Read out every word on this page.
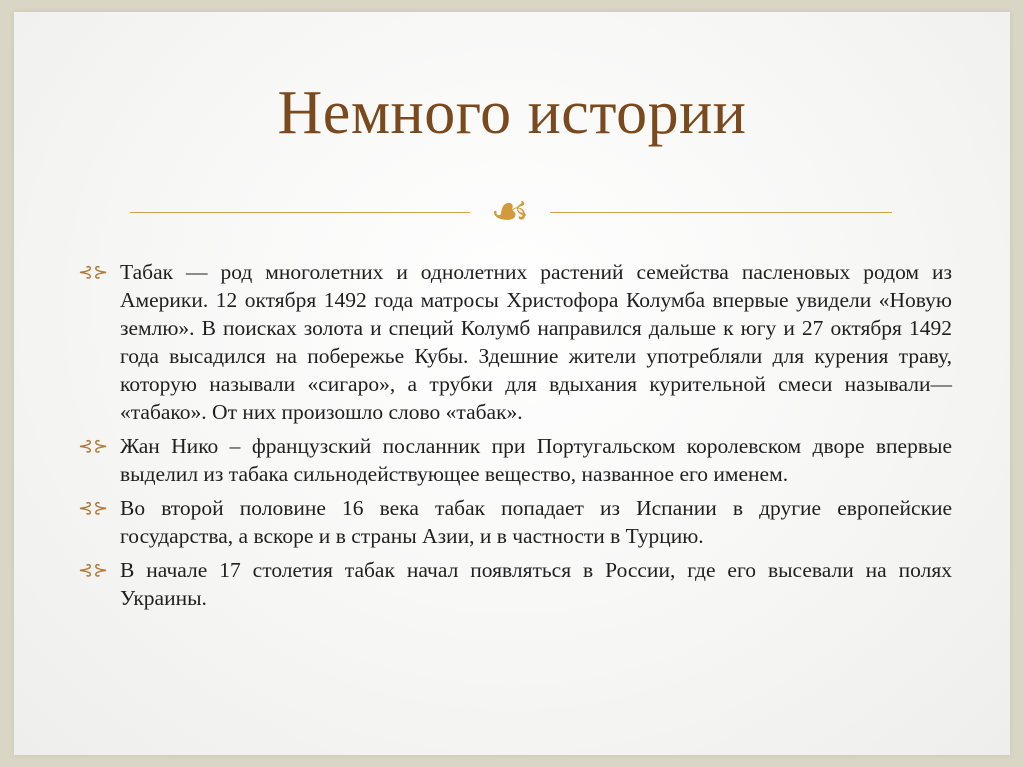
Немного истории
☙
⊰⊱ Табак — род многолетних и однолетних растений семейства пасленовых родом из Америки. 12 октября 1492 года матросы Христофора Колумба впервые увидели «Новую землю». В поисках золота и специй Колумб направился дальше к югу и 27 октября 1492 года высадился на побережье Кубы. Здешние жители употребляли для курения траву, которую называли «сигаро», а трубки для вдыхания курительной смеси называли— «табако». От них произошло слово «табак».
⊰⊱ Жан Нико – французский посланник при Португальском королевском дворе впервые выделил из табака сильнодействующее вещество, названное его именем.
⊰⊱ Во второй половине 16 века табак попадает из Испании в другие европейские государства, а вскоре и в страны Азии, и в частности в Турцию.
⊰⊱ В начале 17 столетия табак начал появляться в России, где его высевали на полях Украины.
